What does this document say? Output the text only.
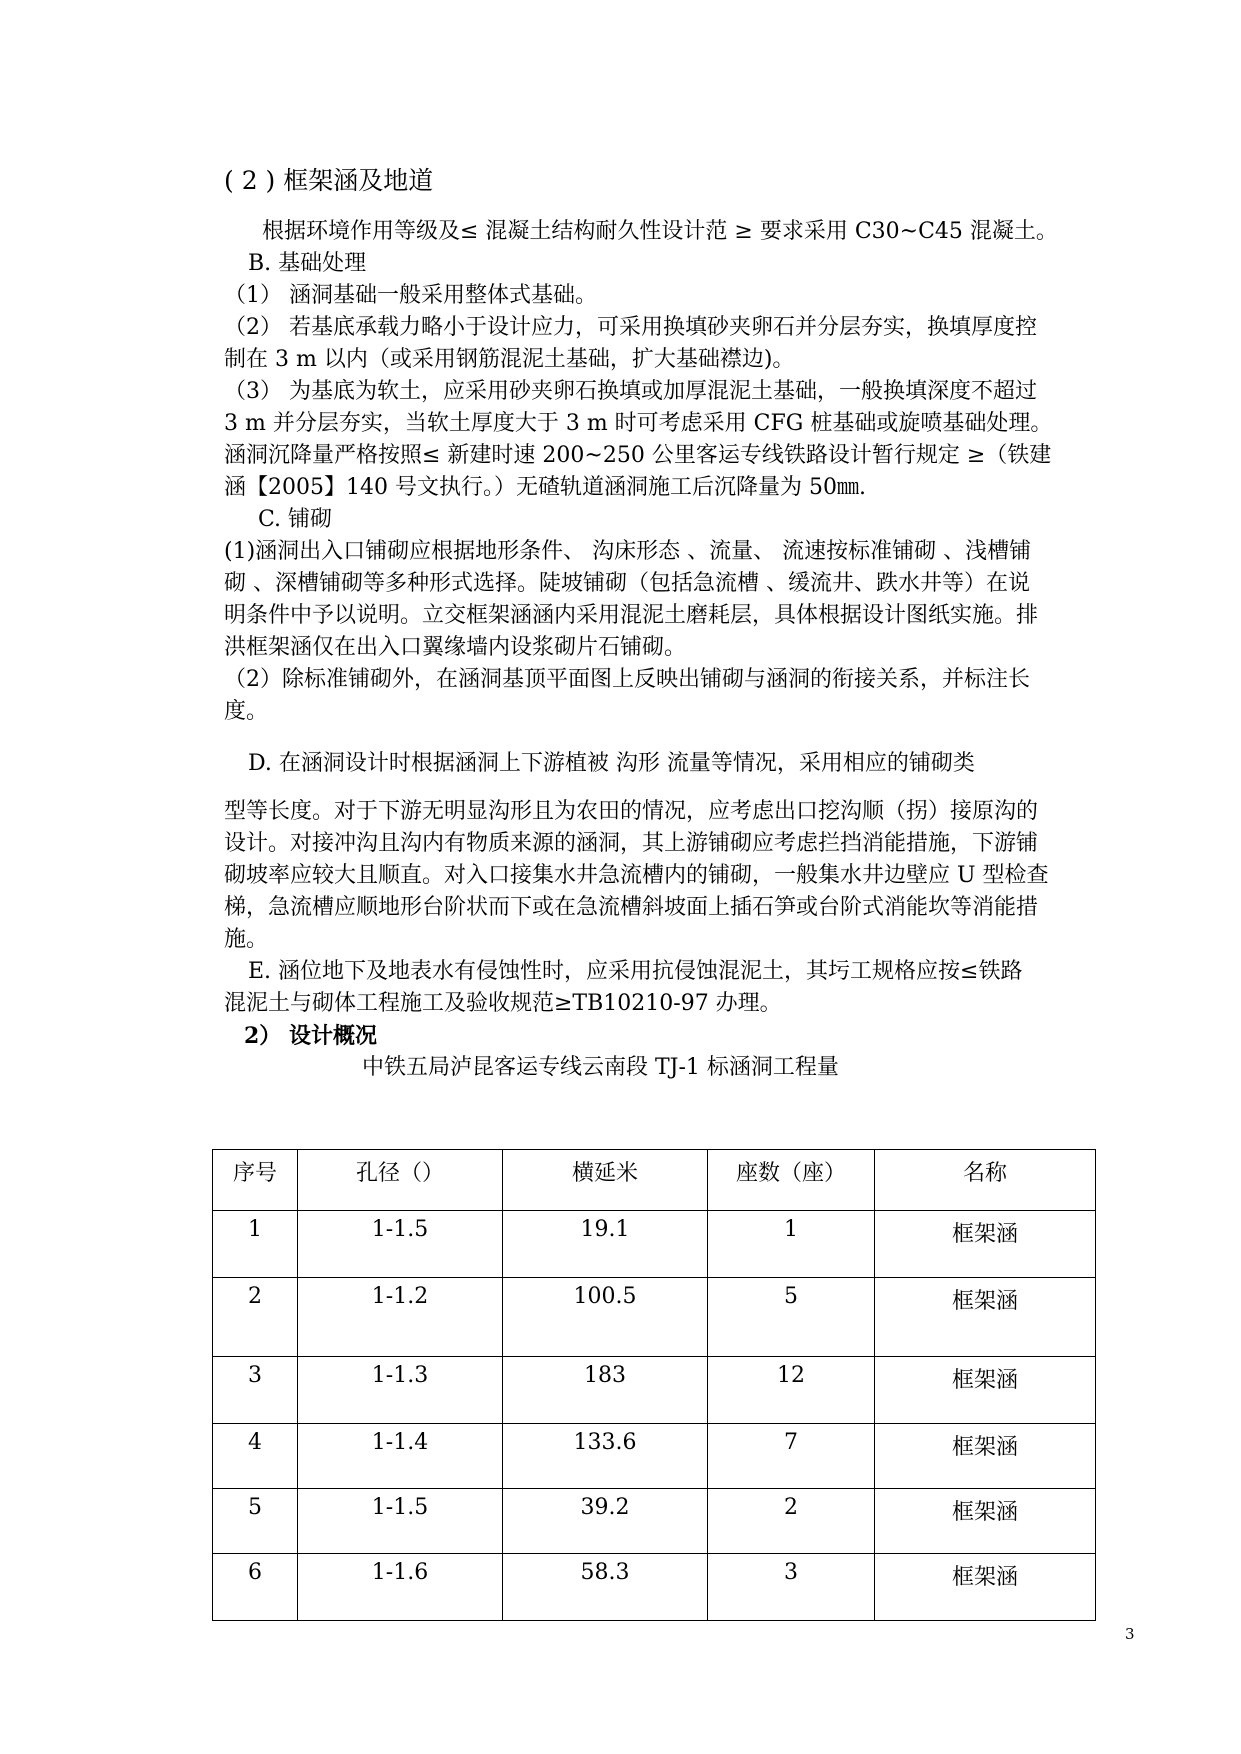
( 2 ) 框架涵及地道
根据环境作用等级及≤ 混凝土结构耐久性设计范 ≥ 要求采用 C30~C45 混凝土。
B. 基础处理
（1） 涵洞基础一般采用整体式基础。
（2） 若基底承载力略小于设计应力，可采用换填砂夹卵石并分层夯实，换填厚度控
制在 3 m 以内（或采用钢筋混泥土基础，扩大基础襟边)。
（3） 为基底为软土，应采用砂夹卵石换填或加厚混泥土基础，一般换填深度不超过
3 m 并分层夯实，当软土厚度大于 3 m 时可考虑采用 CFG 桩基础或旋喷基础处理。
涵洞沉降量严格按照≤ 新建时速 200~250 公里客运专线铁路设计暂行规定 ≥（铁建
涵【2005】140 号文执行。）无碴轨道涵洞施工后沉降量为 50㎜.
C. 铺砌
(1)涵洞出入口铺砌应根据地形条件、 沟床形态 、流量、 流速按标准铺砌 、浅槽铺
砌 、深槽铺砌等多种形式选择。陡坡铺砌（包括急流槽 、缓流井、跌水井等）在说
明条件中予以说明。立交框架涵涵内采用混泥土磨耗层，具体根据设计图纸实施。排
洪框架涵仅在出入口翼缘墙内设浆砌片石铺砌。
（2）除标准铺砌外，在涵洞基顶平面图上反映出铺砌与涵洞的衔接关系，并标注长
度。
D. 在涵洞设计时根据涵洞上下游植被 沟形 流量等情况，采用相应的铺砌类
型等长度。对于下游无明显沟形且为农田的情况，应考虑出口挖沟顺（拐）接原沟的
设计。对接冲沟且沟内有物质来源的涵洞，其上游铺砌应考虑拦挡消能措施，下游铺
砌坡率应较大且顺直。对入口接集水井急流槽内的铺砌，一般集水井边壁应 U 型检查
梯，急流槽应顺地形台阶状而下或在急流槽斜坡面上插石笋或台阶式消能坎等消能措
施。
E. 涵位地下及地表水有侵蚀性时，应采用抗侵蚀混泥土，其圬工规格应按≤铁路
混泥土与砌体工程施工及验收规范≥TB10210-97 办理。
2） 设计概况
中铁五局泸昆客运专线云南段 TJ-1 标涵洞工程量
序号	孔径（）	横延米	座数（座）	名称
1	1-1.5	19.1	1	框架涵
2	1-1.2	100.5	5	框架涵
3	1-1.3	183	12	框架涵
4	1-1.4	133.6	7	框架涵
5	1-1.5	39.2	2	框架涵
6	1-1.6	58.3	3	框架涵
3
